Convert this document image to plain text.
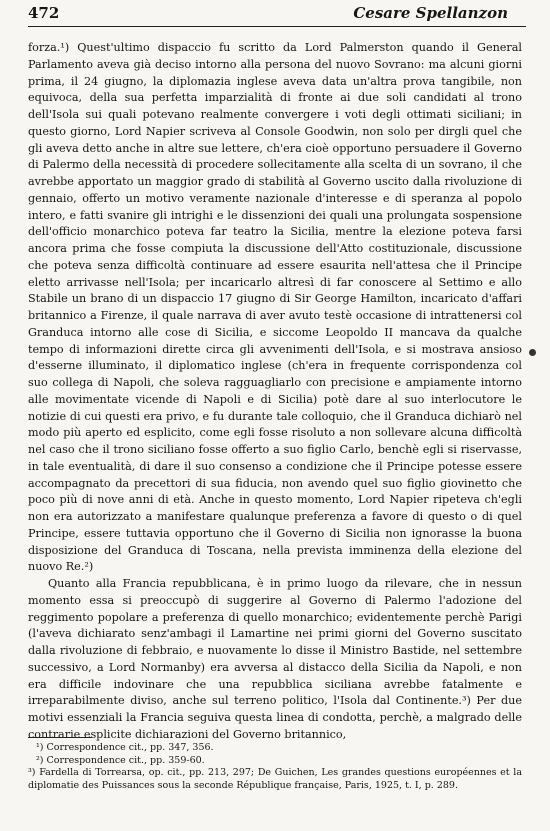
472	Cesare Spellanzon

forza.¹) Quest'ultimo dispaccio fu scritto da Lord Palmerston quando il General Parlamento aveva già deciso intorno alla persona del nuovo Sovrano: ma alcuni giorni prima, il 24 giugno, la diplomazia inglese aveva data un'altra prova tangibile, non equivoca, della sua perfetta imparzialità di fronte ai due soli candidati al trono dell'Isola sui quali potevano realmente convergere i voti degli ottimati siciliani; in questo giorno, Lord Napier scriveva al Console Goodwin, non solo per dirgli quel che gli aveva detto anche in altre sue lettere, ch'era cioè opportuno persuadere il Governo di Palermo della necessità di procedere sollecitamente alla scelta di un sovrano, il che avrebbe apportato un maggior grado di stabilità al Governo uscito dalla rivoluzione di gennaio, offerto un motivo veramente nazionale d'interesse e di speranza al popolo intero, e fatti svanire gli intrighi e le dissenzioni dei quali una prolungata sospensione dell'officio monarchico poteva far teatro la Sicilia, mentre la elezione poteva farsi ancora prima che fosse compiuta la discussione dell'Atto costituzionale, discussione che poteva senza difficoltà continuare ad essere esaurita nell'attesa che il Principe eletto arrivasse nell'Isola; per incaricarlo altresì di far conoscere al Settimo e allo Stabile un brano di un dispaccio 17 giugno di Sir George Hamilton, incaricato d'affari britannico a Firenze, il quale narrava di aver avuto testè occasione di intrattenersi col Granduca intorno alle cose di Sicilia, e siccome Leopoldo II mancava da qualche tempo di informazioni dirette circa gli avvenimenti dell'Isola, e si mostrava ansioso d'esserne illuminato, il diplomatico inglese (ch'era in frequente corrispondenza col suo collega di Napoli, che soleva ragguagliarlo con precisione e ampiamente intorno alle movimentate vicende di Napoli e di Sicilia) potè dare al suo interlocutore le notizie di cui questi era privo, e fu durante tale colloquio, che il Granduca dichiarò nel modo più aperto ed esplicito, come egli fosse risoluto a non sollevare alcuna difficoltà nel caso che il trono siciliano fosse offerto a suo figlio Carlo, benchè egli si riservasse, in tale eventualità, di dare il suo consenso a condizione che il Principe potesse essere accompagnato da precettori di sua fiducia, non avendo quel suo figlio giovinetto che poco più di nove anni di età. Anche in questo momento, Lord Napier ripeteva ch'egli non era autorizzato a manifestare qualunque preferenza a favore di questo o di quel Principe, essere tuttavia opportuno che il Governo di Sicilia non ignorasse la buona disposizione del Granduca di Toscana, nella prevista imminenza della elezione del nuovo Re.²)

Quanto alla Francia repubblicana, è in primo luogo da rilevare, che in nessun momento essa si preoccupò di suggerire al Governo di Palermo l'adozione del reggimento popolare a preferenza di quello monarchico; evidentemente perchè Parigi (l'aveva dichiarato senz'ambagi il Lamartine nei primi giorni del Governo suscitato dalla rivoluzione di febbraio, e nuovamente lo disse il Ministro Bastide, nel settembre successivo, a Lord Normanby) era avversa al distacco della Sicilia da Napoli, e non era difficile indovinare che una repubblica siciliana avrebbe fatalmente e irreparabilmente diviso, anche sul terreno politico, l'Isola dal Continente.³) Per due motivi essenziali la Francia seguiva questa linea di condotta, perchè, a malgrado delle contrarie esplicite dichiarazioni del Governo britannico,

¹) Correspondence cit., pp. 347, 356.

²) Correspondence cit., pp. 359-60.

³) Fardella di Torrearsa, op. cit., pp. 213, 297; De Guichen, Les grandes questions européennes et la diplomatie des Puissances sous la seconde République française, Paris, 1925, t. I, p. 289.
